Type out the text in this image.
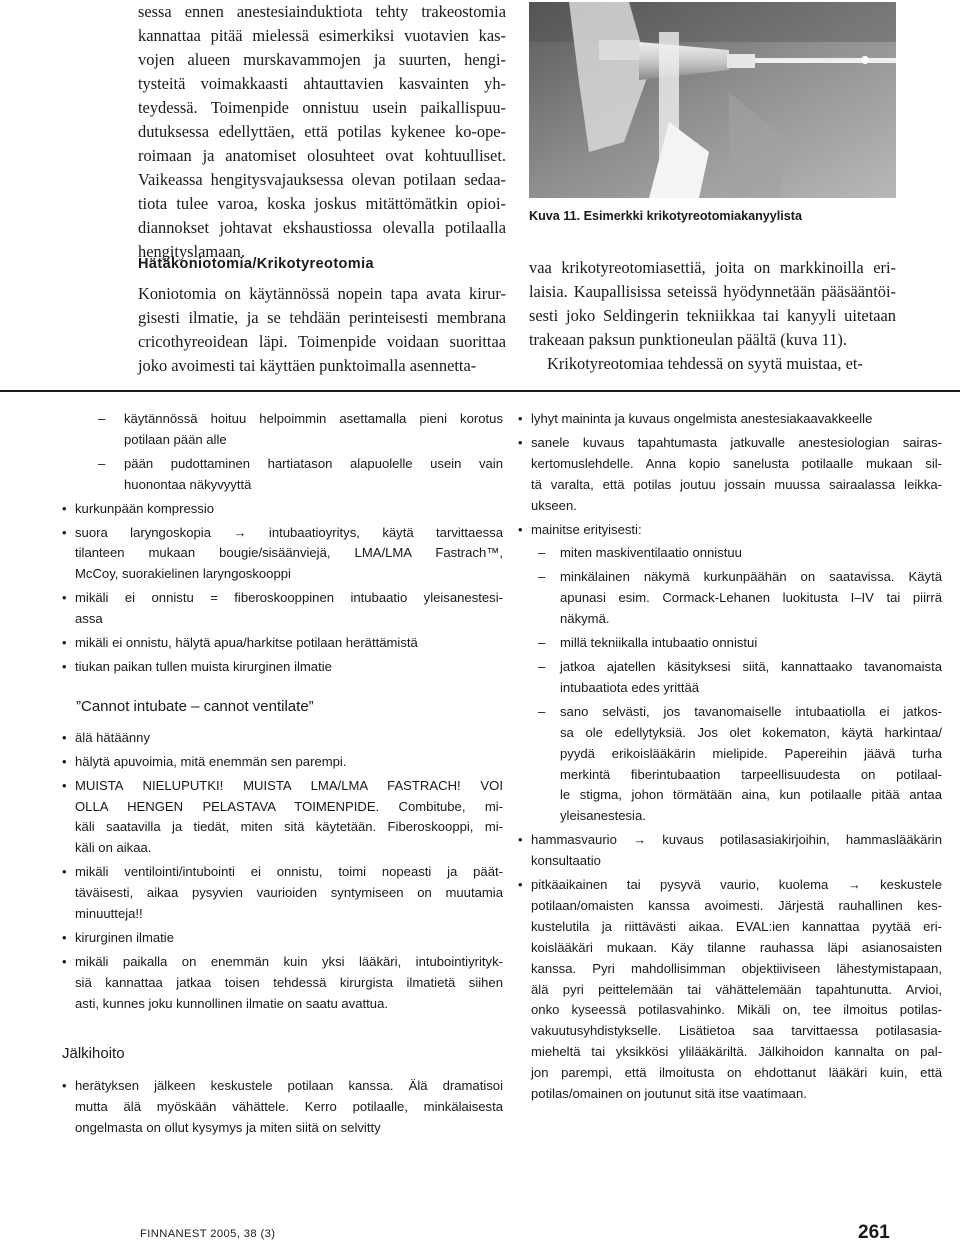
sessa ennen anestesiainduktiota tehty trakeostomia
kannattaa pitää mielessä esimerkiksi vuotavien kas-
vojen alueen murskavammojen ja suurten, hengi-
tysteitä voimakkaasti ahtauttavien kasvainten yh-
teydessä. Toimenpide onnistuu usein paikallispuu-
dutuksessa edellyttäen, että potilas kykenee ko-ope-
roimaan ja anatomiset olosuhteet ovat kohtuulliset.
Vaikeassa hengitysvajauksessa olevan potilaan sedaa-
tiota tulee varoa, koska joskus mitättömätkin opioi-
diannokset johtavat ekshaustiossa olevalla potilaalla
hengityslamaan.

Hätäkoniotomia/Krikotyreotomia

Koniotomia on käytännössä nopein tapa avata kirur-
gisesti ilmatie, ja se tehdään perinteisesti membrana
cricothyreoidean läpi. Toimenpide voidaan suorittaa
joko avoimesti tai käyttäen punktoimalla asennetta-

Kuva 11. Esimerkki krikotyreotomiakanyylista

vaa krikotyreotomiasettiä, joita on markkinoilla eri-
laisia. Kaupallisissa seteissä hyödynnetään pääsääntöi-
sesti joko Seldingerin tekniikkaa tai kanyyli uitetaan
trakeaan paksun punktioneulan päältä (kuva 11).
Krikotyreotomiaa tehdessä on syytä muistaa, et-

– käytännössä hoituu helpoimmin asettamalla pieni korotus
potilaan pään alle
– pään pudottaminen hartiatason alapuolelle usein vain
huonontaa näkyvyyttä
• kurkunpään kompressio
• suora laryngoskopia → intubaatioyritys, käytä tarvittaessa
tilanteen mukaan bougie/sisäänviejä, LMA/LMA Fastrach™,
McCoy, suorakielinen laryngoskooppi
• mikäli ei onnistu = fiberoskooppinen intubaatio yleisanestesi-
assa
• mikäli ei onnistu, hälytä apua/harkitse potilaan herättämistä
• tiukan paikan tullen muista kirurginen ilmatie
”Cannot intubate – cannot ventilate”
• älä hätäänny
• hälytä apuvoimia, mitä enemmän sen parempi.
• MUISTA NIELUPUTKI! MUISTA LMA/LMA FASTRACH! VOI
OLLA HENGEN PELASTAVA TOIMENPIDE. Combitube, mi-
käli saatavilla ja tiedät, miten sitä käytetään. Fiberoskooppi, mi-
käli on aikaa.
• mikäli ventilointi/intubointi ei onnistu, toimi nopeasti ja päät-
täväisesti, aikaa pysyvien vaurioiden syntymiseen on muutamia
minuutteja!!
• kirurginen ilmatie
• mikäli paikalla on enemmän kuin yksi lääkäri, intubointiyrityk-
siä kannattaa jatkaa toisen tehdessä kirurgista ilmatietä siihen
asti, kunnes joku kunnollinen ilmatie on saatu avattua.
Jälkihoito
• herätyksen jälkeen keskustele potilaan kanssa. Älä dramatisoi
mutta älä myöskään vähättele. Kerro potilaalle, minkälaisesta
ongelmasta on ollut kysymys ja miten siitä on selvitty
• lyhyt maininta ja kuvaus ongelmista anestesiakaavakkeelle
• sanele kuvaus tapahtumasta jatkuvalle anestesiologian sairas-
kertomuslehdelle. Anna kopio sanelusta potilaalle mukaan sil-
tä varalta, että potilas joutuu jossain muussa sairaalassa leikka-
ukseen.
• mainitse erityisesti:
– miten maskiventilaatio onnistuu
– minkälainen näkymä kurkunpäähän on saatavissa. Käytä
apunasi esim. Cormack-Lehanen luokitusta I–IV tai piirrä
näkymä.
– millä tekniikalla intubaatio onnistui
– jatkoa ajatellen käsityksesi siitä, kannattaako tavanomaista
intubaatiota edes yrittää
– sano selvästi, jos tavanomaiselle intubaatiolla ei jatkos-
sa ole edellytyksiä. Jos olet kokematon, käytä harkintaa/
pyydä erikoislääkärin mielipide. Papereihin jäävä turha
merkintä fiberintubaation tarpeellisuudesta on potilaal-
le stigma, johon törmätään aina, kun potilaalle pitää antaa
yleisanestesia.
• hammasvaurio → kuvaus potilasasiakirjoihin, hammaslääkärin
konsultaatio
• pitkäaikainen tai pysyvä vaurio, kuolema → keskustele
potilaan/omaisten kanssa avoimesti. Järjestä rauhallinen kes-
kustelutila ja riittävästi aikaa. EVAL:ien kannattaa pyytää eri-
koislääkäri mukaan. Käy tilanne rauhassa läpi asianosaisten
kanssa. Pyri mahdollisimman objektiiviseen lähestymistapaan,
älä pyri peittelemään tai vähättelemään tapahtunutta. Arvioi,
onko kyseessä potilasvahinko. Mikäli on, tee ilmoitus potilas-
vakuutusyhdistykselle. Lisätietoa saa tarvittaessa potilasasia-
mieheltä tai yksikkösi ylilääkäriltä. Jälkihoidon kannalta on pal-
jon parempi, että ilmoitusta on ehdottanut lääkäri kuin, että
potilas/omainen on joutunut sitä itse vaatimaan.
FINNANEST 2005, 38 (3)	261
